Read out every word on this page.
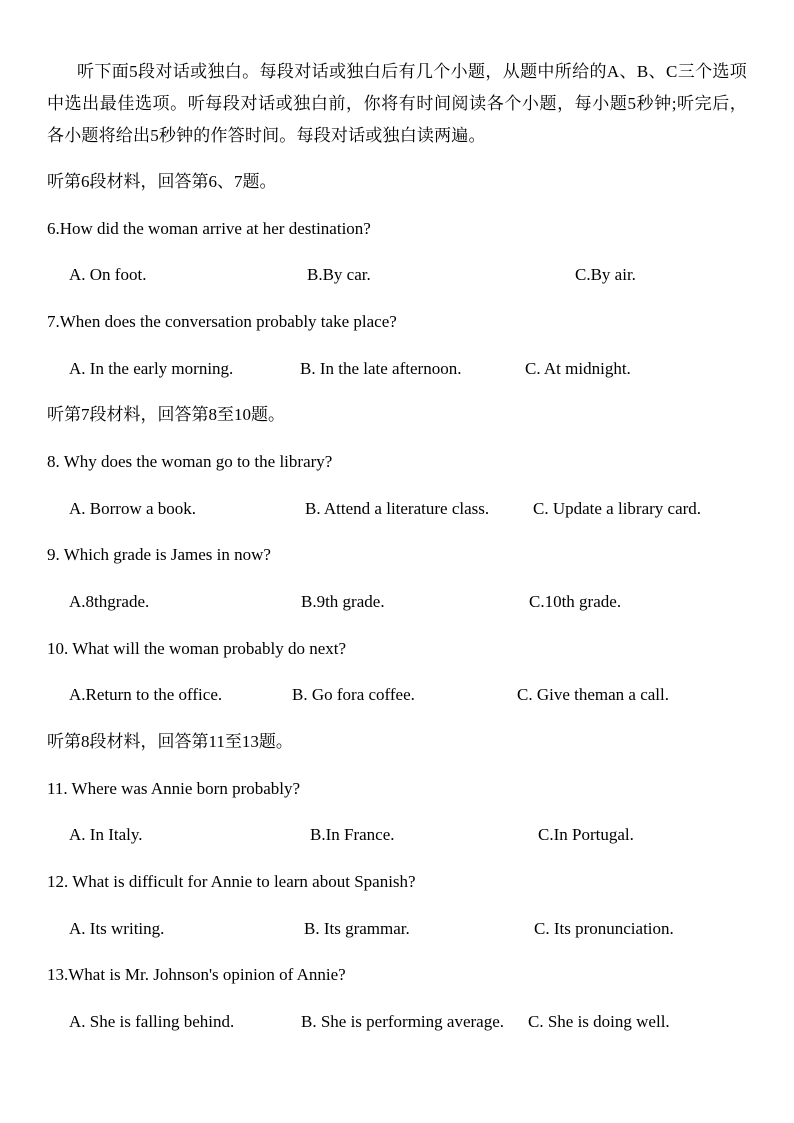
听下面5段对话或独白。每段对话或独白后有几个小题，从题中所给的A、B、C三个选项中选出最佳选项。听每段对话或独白前，你将有时间阅读各个小题，每小题5秒钟;听完后，各小题将给出5秒钟的作答时间。每段对话或独白读两遍。

听第6段材料，回答第6、7题。
6.How did the woman arrive at her destination?
A. On foot.	B.By car.	C.By air.
7.When does the conversation probably take place?
A. In the early morning.	B. In the late afternoon.	C. At midnight.
听第7段材料，回答第8至10题。
8. Why does the woman go to the library?
A. Borrow a book.	B. Attend a literature class.	C. Update a library card.
9. Which grade is James in now?
A.8thgrade.	B.9th grade.	C.10th grade.
10. What will the woman probably do next?
A.Return to the office.	B. Go fora coffee.	C. Give theman a call.
听第8段材料，回答第11至13题。
11. Where was Annie born probably?
A. In Italy.	B.In France.	C.In Portugal.
12. What is difficult for Annie to learn about Spanish?
A. Its writing.	B. Its grammar.	C. Its pronunciation.
13.What is Mr. Johnson's opinion of Annie?
A. She is falling behind.	B. She is performing average. C. She is doing well.
